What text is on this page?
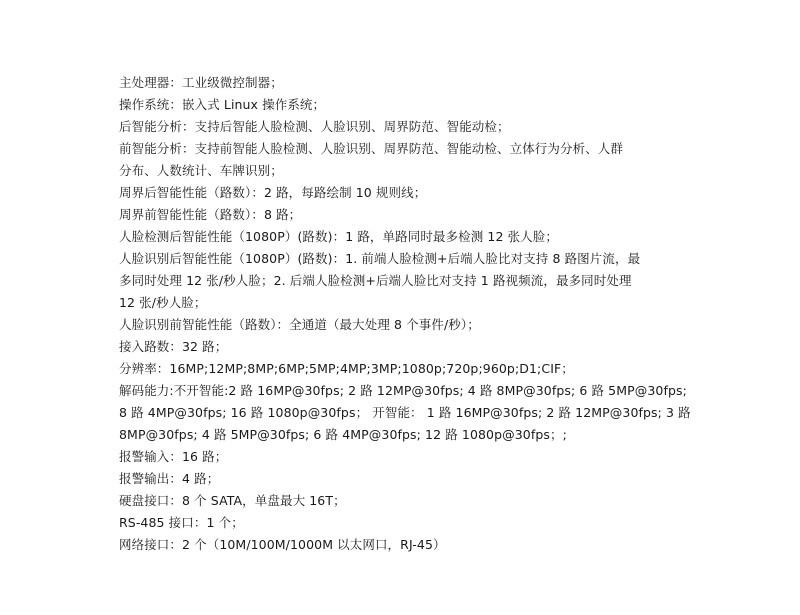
主处理器：工业级微控制器；
操作系统：嵌入式 Linux 操作系统；
后智能分析：支持后智能人脸检测、人脸识别、周界防范、智能动检；
前智能分析：支持前智能人脸检测、人脸识别、周界防范、智能动检、立体行为分析、人群
分布、人数统计、车牌识别；
周界后智能性能（路数）：2 路，每路绘制 10 规则线；
周界前智能性能（路数）：8 路；
人脸检测后智能性能（1080P）(路数)：1 路，单路同时最多检测 12 张人脸；
人脸识别后智能性能（1080P）(路数)：1. 前端人脸检测+后端人脸比对支持 8 路图片流，最
多同时处理 12 张/秒人脸；2. 后端人脸检测+后端人脸比对支持 1 路视频流，最多同时处理
12 张/秒人脸；
人脸识别前智能性能（路数）：全通道（最大处理 8 个事件/秒）；
接入路数：32 路；
分辨率：16MP;12MP;8MP;6MP;5MP;4MP;3MP;1080p;720p;960p;D1;CIF；
解码能力:不开智能:2 路 16MP@30fps; 2 路 12MP@30fps; 4 路 8MP@30fps; 6 路 5MP@30fps;
8 路 4MP@30fps; 16 路 1080p@30fps； 开智能： 1 路 16MP@30fps; 2 路 12MP@30fps; 3 路
8MP@30fps; 4 路 5MP@30fps; 6 路 4MP@30fps; 12 路 1080p@30fps；;
报警输入：16 路；
报警输出：4 路；
硬盘接口：8 个 SATA，单盘最大 16T；
RS-485 接口：1 个；
网络接口：2 个（10M/100M/1000M 以太网口，RJ-45）
